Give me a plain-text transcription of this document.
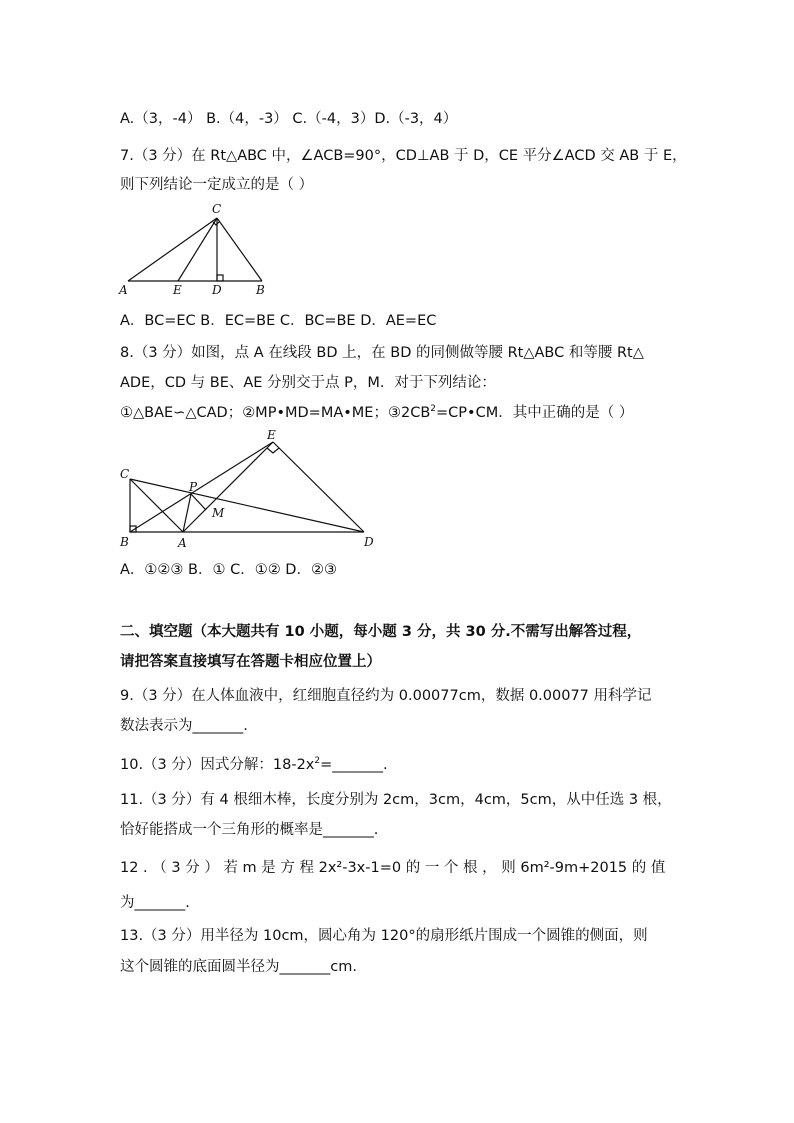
A.（3，-4） B.（4，-3） C.（-4，3）D.（-3，4）
7.（3 分）在 Rt△ABC 中，∠ACB=90°，CD⊥AB 于 D，CE 平分∠ACD 交 AB 于 E，
则下列结论一定成立的是（ ）
C
A	E	D	B
A．BC=EC B．EC=BE C．BC=BE D．AE=EC
8.（3 分）如图，点 A 在线段 BD 上，在 BD 的同侧做等腰 Rt△ABC 和等腰 Rt△
ADE，CD 与 BE、AE 分别交于点 P，M．对于下列结论：
①△BAE∽△CAD；②MP•MD=MA•ME；$③2CB^2=CP•CM$．其中正确的是（ ）
E
C
P
M
B	A	D
A．①②③ B．① C．①② D．②③
二、填空题（本大题共有 10 小题，每小题 3 分，共 30 分.不需写出解答过程，
请把答案直接填写在答题卡相应位置上）
9.（3 分）在人体血液中，红细胞直径约为 0.00077cm，数据 0.00077 用科学记
数法表示为_______.
10.（3 分）因式分解：$18-2x^2=\_\_\_\_\_\_\_$.
11.（3 分）有 4 根细木棒，长度分别为 2cm，3cm，4cm，5cm，从中任选 3 根，
恰好能搭成一个三角形的概率是_______.
12 . （ 3 分 ） 若 m 是 方 程 2x²-3x-1=0 的 一 个 根 ， 则 6m²-9m+2015 的 值
为_______.
13.（3 分）用半径为 10cm，圆心角为 120°的扇形纸片围成一个圆锥的侧面，则
这个圆锥的底面圆半径为_______cm.
